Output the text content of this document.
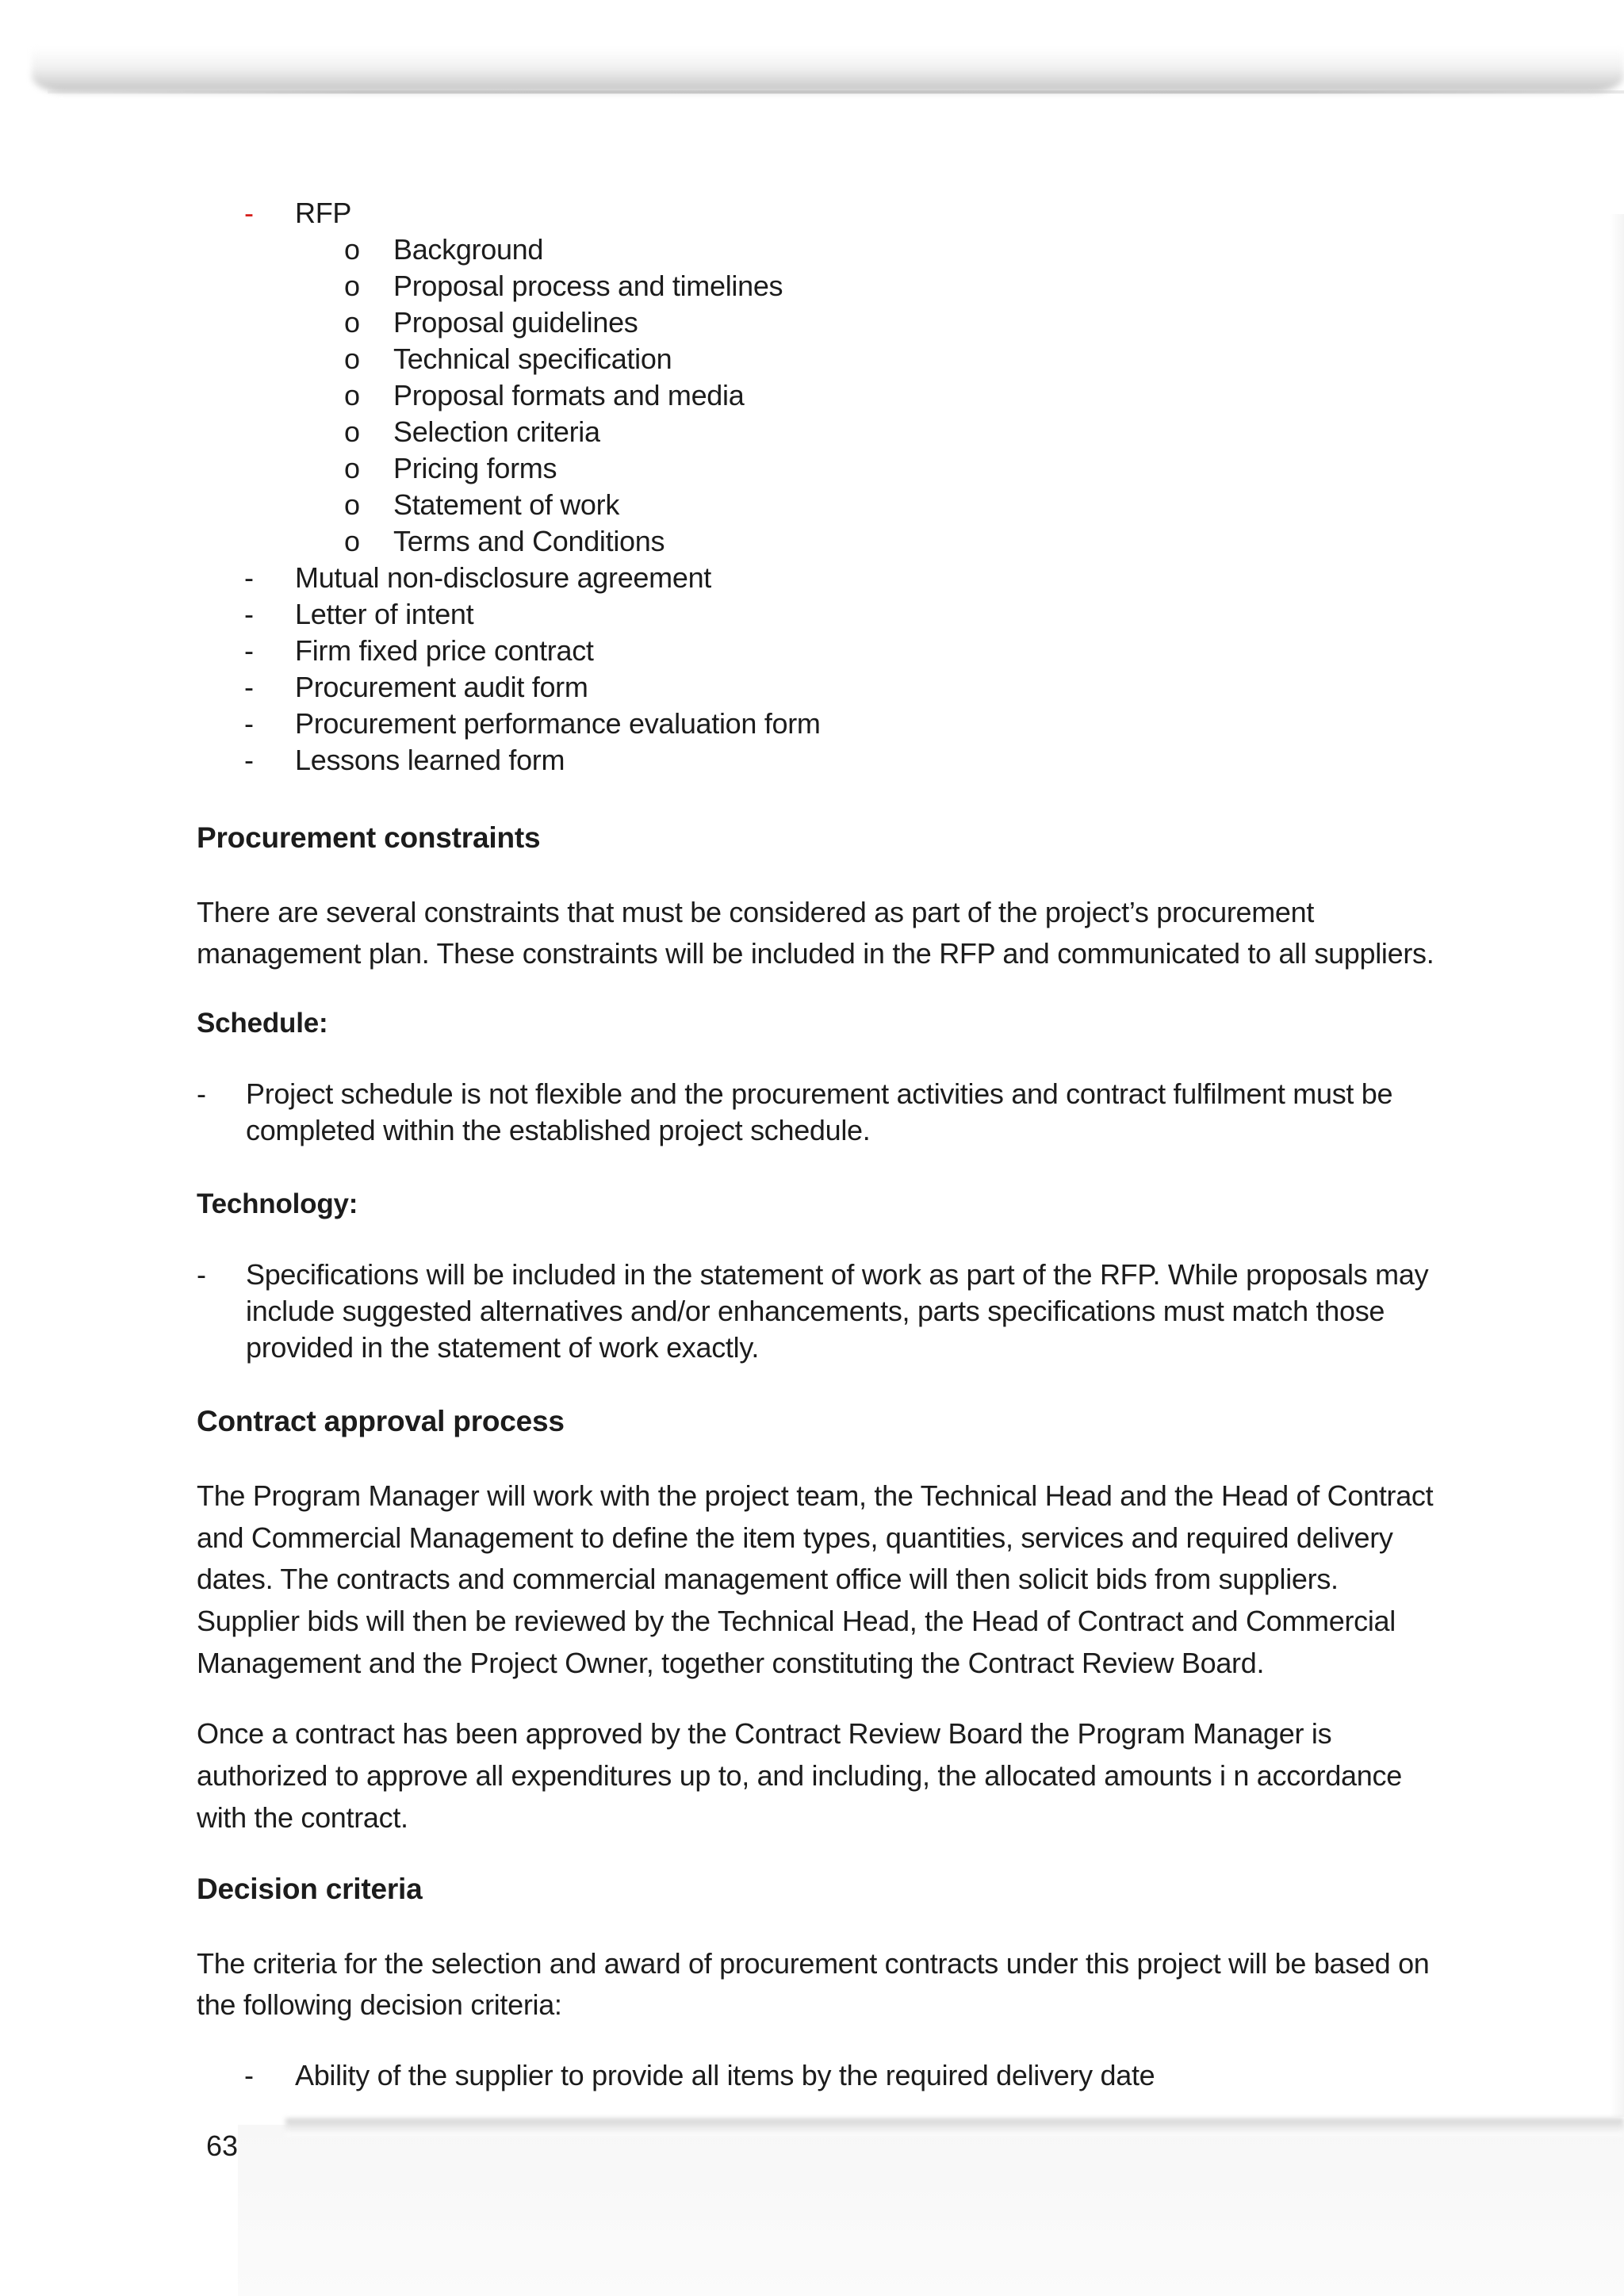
- RFP
o Background
o Proposal process and timelines
o Proposal guidelines
o Technical specification
o Proposal formats and media
o Selection criteria
o Pricing forms
o Statement of work
o Terms and Conditions
- Mutual non-disclosure agreement
- Letter of intent
- Firm fixed price contract
- Procurement audit form
- Procurement performance evaluation form
- Lessons learned form
Procurement constraints
There are several constraints that must be considered as part of the project’s procurement
management plan. These constraints will be included in the RFP and communicated to all suppliers.
Schedule:
- Project schedule is not flexible and the procurement activities and contract fulfilment must be
completed within the established project schedule.
Technology:
- Specifications will be included in the statement of work as part of the RFP. While proposals may
include suggested alternatives and/or enhancements, parts specifications must match those
provided in the statement of work exactly.
Contract approval process
The Program Manager will work with the project team, the Technical Head and the Head of Contract
and Commercial Management to define the item types, quantities, services and required delivery
dates. The contracts and commercial management office will then solicit bids from suppliers.
Supplier bids will then be reviewed by the Technical Head, the Head of Contract and Commercial
Management and the Project Owner, together constituting the Contract Review Board.
Once a contract has been approved by the Contract Review Board the Program Manager is
authorized to approve all expenditures up to, and including, the allocated amounts i n accordance
with the contract.
Decision criteria
The criteria for the selection and award of procurement contracts under this project will be based on
the following decision criteria:
- Ability of the supplier to provide all items by the required delivery date
63
